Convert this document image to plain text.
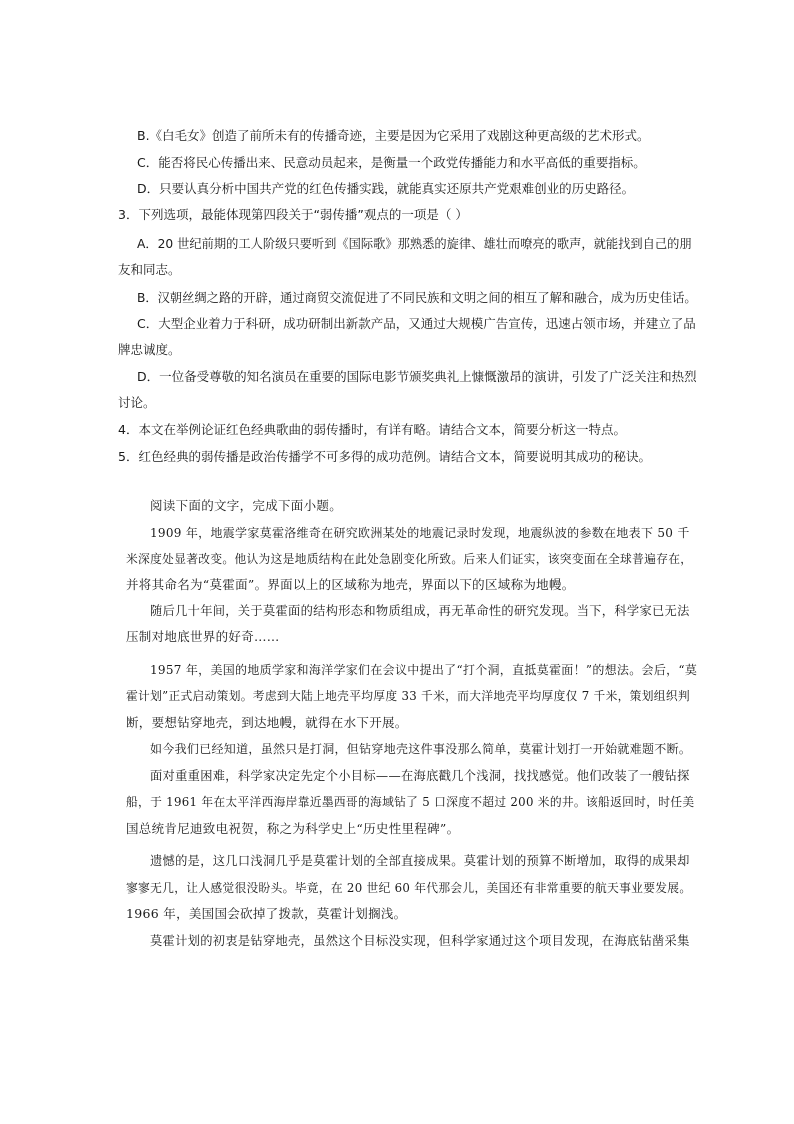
B.《白毛女》创造了前所未有的传播奇迹，主要是因为它采用了戏剧这种更高级的艺术形式。
C．能否将民心传播出来、民意动员起来，是衡量一个政党传播能力和水平高低的重要指标。
D．只要认真分析中国共产党的红色传播实践，就能真实还原共产党艰难创业的历史路径。
3．下列选项，最能体现第四段关于“弱传播”观点的一项是（ ）
A．20 世纪前期的工人阶级只要听到《国际歌》那熟悉的旋律、雄壮而嘹亮的歌声，就能找到自己的朋
友和同志。
B．汉朝丝绸之路的开辟，通过商贸交流促进了不同民族和文明之间的相互了解和融合，成为历史佳话。
C．大型企业着力于科研，成功研制出新款产品，又通过大规模广告宣传，迅速占领市场，并建立了品
牌忠诚度。
D．一位备受尊敬的知名演员在重要的国际电影节颁奖典礼上慷慨激昂的演讲，引发了广泛关注和热烈
讨论。
4．本文在举例论证红色经典歌曲的弱传播时，有详有略。请结合文本，简要分析这一特点。
5．红色经典的弱传播是政治传播学不可多得的成功范例。请结合文本，简要说明其成功的秘诀。
阅读下面的文字，完成下面小题。
1909 年，地震学家莫霍洛维奇在研究欧洲某处的地震记录时发现，地震纵波的参数在地表下 50 千
米深度处显著改变。他认为这是地质结构在此处急剧变化所致。后来人们证实，该突变面在全球普遍存在，
并将其命名为“莫霍面”。界面以上的区域称为地壳，界面以下的区域称为地幔。
随后几十年间，关于莫霍面的结构形态和物质组成，再无革命性的研究发现。当下，科学家已无法
压制对地底世界的好奇……
1957 年，美国的地质学家和海洋学家们在会议中提出了“打个洞，直抵莫霍面！”的想法。会后，“莫
霍计划”正式启动策划。考虑到大陆上地壳平均厚度 33 千米，而大洋地壳平均厚度仅 7 千米，策划组织判
断，要想钻穿地壳，到达地幔，就得在水下开展。
如今我们已经知道，虽然只是打洞，但钻穿地壳这件事没那么简单，莫霍计划打一开始就难题不断。
面对重重困难，科学家决定先定个小目标——在海底戳几个浅洞，找找感觉。他们改装了一艘钻探
船，于 1961 年在太平洋西海岸靠近墨西哥的海域钻了 5 口深度不超过 200 米的井。该船返回时，时任美
国总统肯尼迪致电祝贺，称之为科学史上“历史性里程碑”。
遗憾的是，这几口浅洞几乎是莫霍计划的全部直接成果。莫霍计划的预算不断增加，取得的成果却
寥寥无几，让人感觉很没盼头。毕竟，在 20 世纪 60 年代那会儿，美国还有非常重要的航天事业要发展。
1966 年，美国国会砍掉了拨款，莫霍计划搁浅。
莫霍计划的初衷是钻穿地壳，虽然这个目标没实现，但科学家通过这个项目发现，在海底钻凿采集
